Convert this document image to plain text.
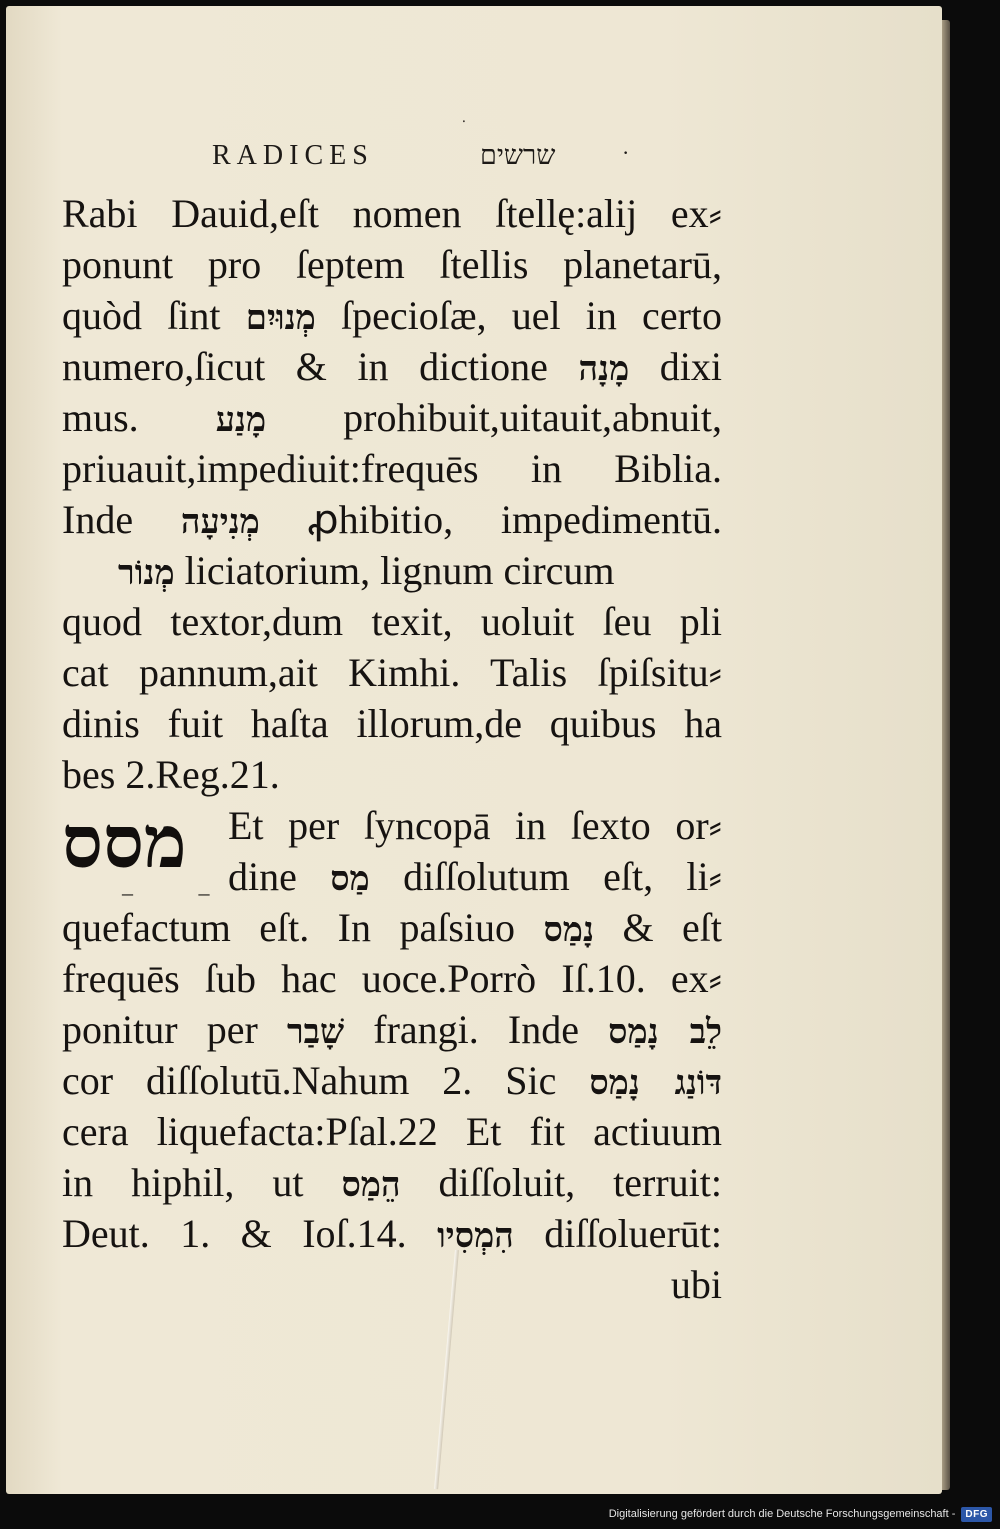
⸱
RADICES	שרשים	·
Rabi Dauid,eſt nomen ſtellę:alij ex⸗
ponunt pro ſeptem ſtellis planetarū,
quòd ſint מְנוּיִם ſpecioſæ, uel in certo
numero,ſicut & in dictione מָנָה dixi
mus. מָנַע prohibuit,uitauit,abnuit,
priuauit,impediuit:frequēs in Biblia.
Inde מְנִיעָה ꝓhibitio, impedimentū.
מְנוֹר liciatorium, lignum circum
quod textor,dum texit, uoluit ſeu pli
cat pannum,ait Kimhi. Talis ſpiſsitu⸗
dinis fuit haſta illorum,de quibus ha
bes 2.Reg.21.
מסס
– –
Et per ſyncopā in ſexto or⸗
dine מַס diſſolutum eſt, li⸗
quefactum eſt. In paſsiuo נָמַס & eſt
frequēs ſub hac uoce.Porrò Iſ.10. ex⸗
ponitur per שָׁבַר frangi. Inde לֵב נָמַס
cor diſſolutū.Nahum 2. Sic דּוֹנַג נָמַס
cera liquefacta:Pſal.22 Et fit actiuum
in hiphil, ut הֵמַס diſſoluit, terruit:
Deut. 1. & Ioſ.14. הִמְסִיו diſſoluerūt:
ubi
Digitalisierung gefördert durch die Deutsche Forschungsgemeinschaft -	DFG
